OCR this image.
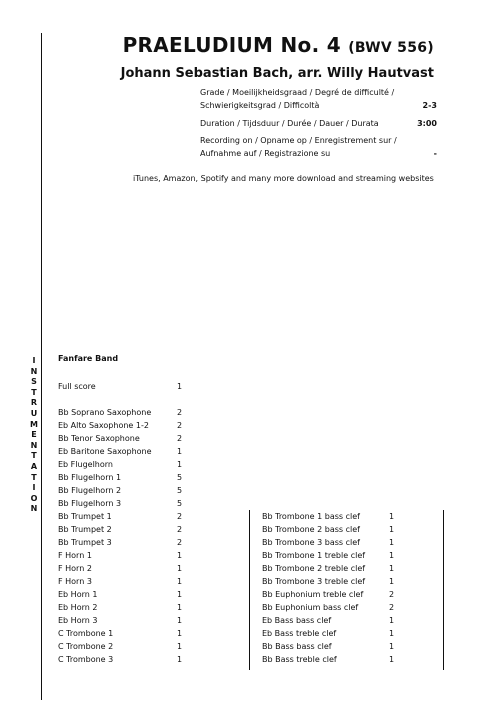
PRAELUDIUM No. 4 (BWV 556)
Johann Sebastian Bach, arr. Willy Hautvast
Grade / Moeilijkheidsgraad / Degré de difficulté /
Schwierigkeitsgrad / Difficoltà	2-3
Duration / Tijdsduur / Durée / Dauer / Durata	3:00
Recording on / Opname op / Enregistrement sur /
Aufnahme auf / Registrazione su	-
iTunes, Amazon, Spotify and many more download and streaming websites
I
N
S
T
R
U
M
E
N
T
A
T
I
O
N
Fanfare Band
Full score	1
Bb Soprano Saxophone	2
Eb Alto Saxophone 1-2	2
Bb Tenor Saxophone	2
Eb Baritone Saxophone	1
Eb Flugelhorn	1
Bb Flugelhorn 1	5
Bb Flugelhorn 2	5
Bb Flugelhorn 3	5
Bb Trumpet 1	2
Bb Trumpet 2	2
Bb Trumpet 3	2
F Horn 1	1
F Horn 2	1
F Horn 3	1
Eb Horn 1	1
Eb Horn 2	1
Eb Horn 3	1
C Trombone 1	1
C Trombone 2	1
C Trombone 3	1
Bb Trombone 1 bass clef	1
Bb Trombone 2 bass clef	1
Bb Trombone 3 bass clef	1
Bb Trombone 1 treble clef	1
Bb Trombone 2 treble clef	1
Bb Trombone 3 treble clef	1
Bb Euphonium treble clef	2
Bb Euphonium bass clef	2
Eb Bass bass clef	1
Eb Bass treble clef	1
Bb Bass bass clef	1
Bb Bass treble clef	1
